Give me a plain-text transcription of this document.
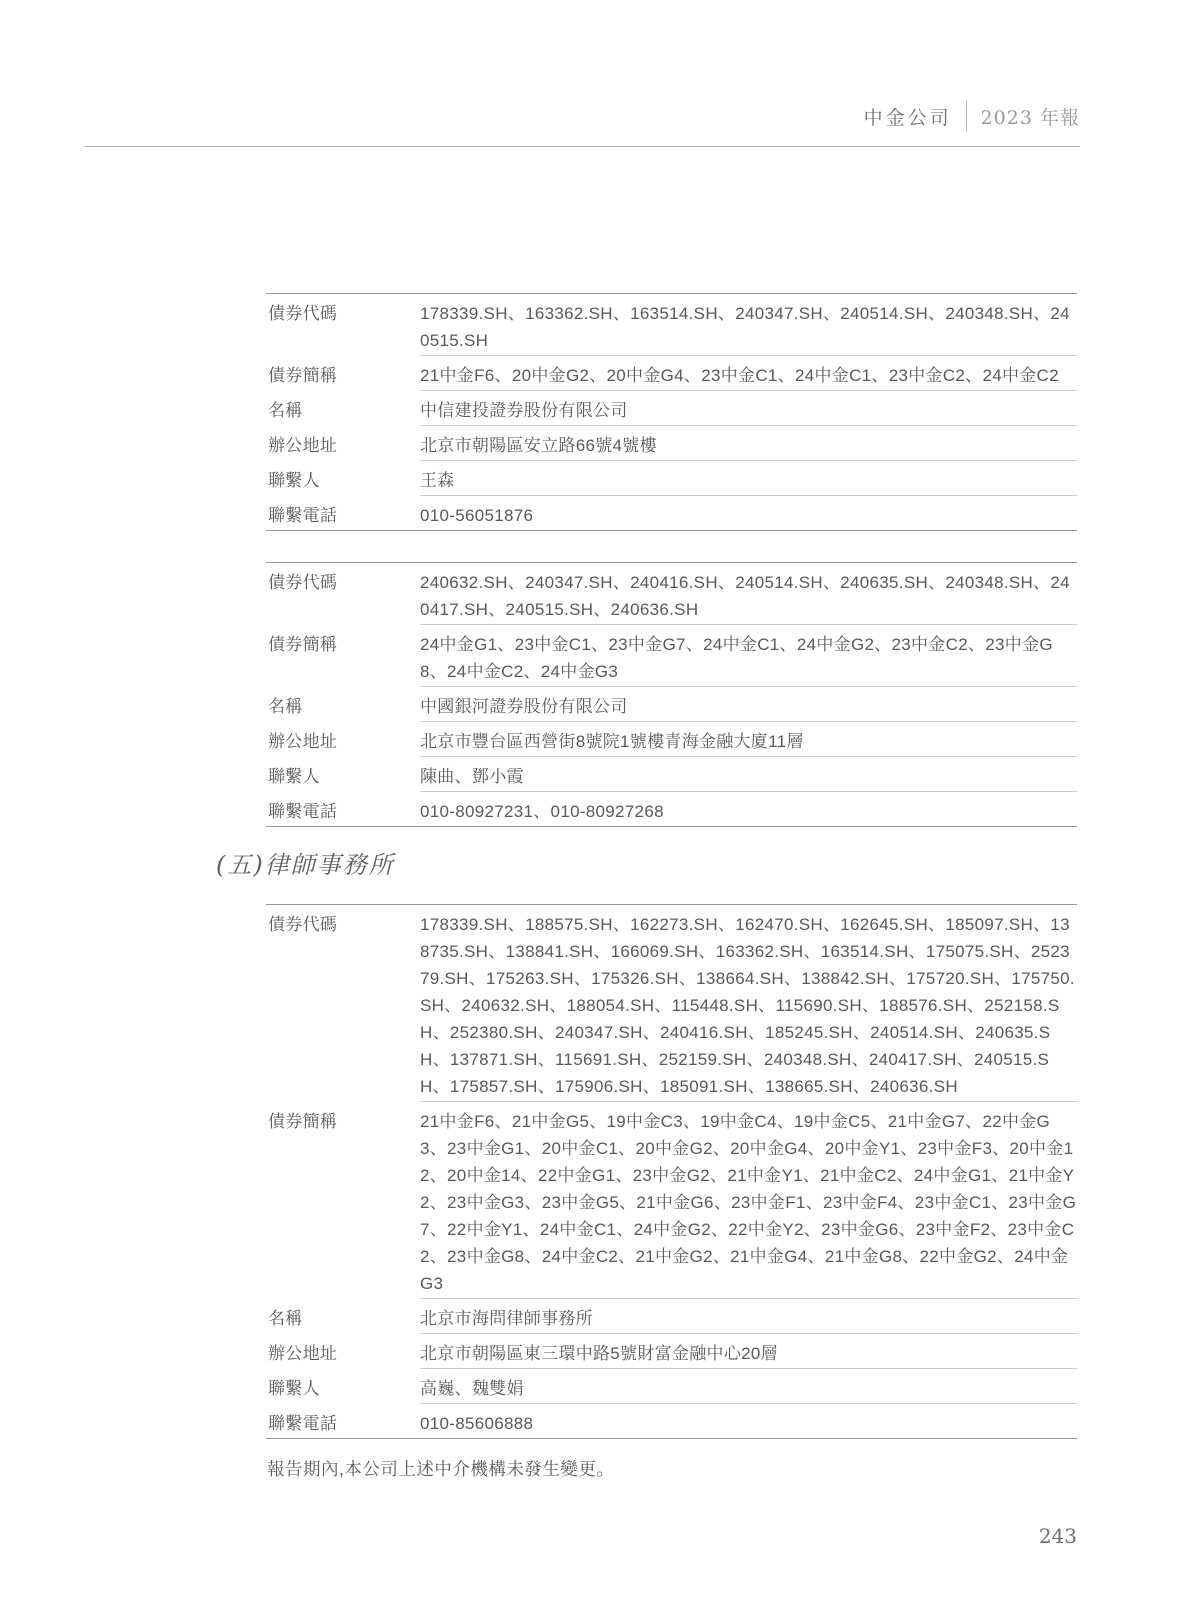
中金公司 2023 年報
債券代碼	178339.SH、163362.SH、163514.SH、240347.SH、240514.SH、240348.SH、240515.SH
債券簡稱	21中金F6、20中金G2、20中金G4、23中金C1、24中金C1、23中金C2、24中金C2
名稱	中信建投證券股份有限公司
辦公地址	北京市朝陽區安立路66號4號樓
聯繫人	王森
聯繫電話	010-56051876
債券代碼	240632.SH、240347.SH、240416.SH、240514.SH、240635.SH、240348.SH、240417.SH、240515.SH、240636.SH
債券簡稱	24中金G1、23中金C1、23中金G7、24中金C1、24中金G2、23中金C2、23中金G8、24中金C2、24中金G3
名稱	中國銀河證券股份有限公司
辦公地址	北京市豐台區西營街8號院1號樓青海金融大廈11層
聯繫人	陳曲、鄧小霞
聯繫電話	010-80927231、010-80927268
(五)律師事務所
債券代碼	178339.SH、188575.SH、162273.SH、162470.SH、162645.SH、185097.SH、138735.SH、138841.SH、166069.SH、163362.SH、163514.SH、175075.SH、252379.SH、175263.SH、175326.SH、138664.SH、138842.SH、175720.SH、175750.SH、240632.SH、188054.SH、115448.SH、115690.SH、188576.SH、252158.SH、252380.SH、240347.SH、240416.SH、185245.SH、240514.SH、240635.SH、137871.SH、115691.SH、252159.SH、240348.SH、240417.SH、240515.SH、175857.SH、175906.SH、185091.SH、138665.SH、240636.SH
債券簡稱	21中金F6、21中金G5、19中金C3、19中金C4、19中金C5、21中金G7、22中金G3、23中金G1、20中金C1、20中金G2、20中金G4、20中金Y1、23中金F3、20中金12、20中金14、22中金G1、23中金G2、21中金Y1、21中金C2、24中金G1、21中金Y2、23中金G3、23中金G5、21中金G6、23中金F1、23中金F4、23中金C1、23中金G7、22中金Y1、24中金C1、24中金G2、22中金Y2、23中金G6、23中金F2、23中金C2、23中金G8、24中金C2、21中金G2、21中金G4、21中金G8、22中金G2、24中金G3
名稱	北京市海問律師事務所
辦公地址	北京市朝陽區東三環中路5號財富金融中心20層
聯繫人	高巍、魏雙娟
聯繫電話	010-85606888
報告期內,本公司上述中介機構未發生變更。
243
